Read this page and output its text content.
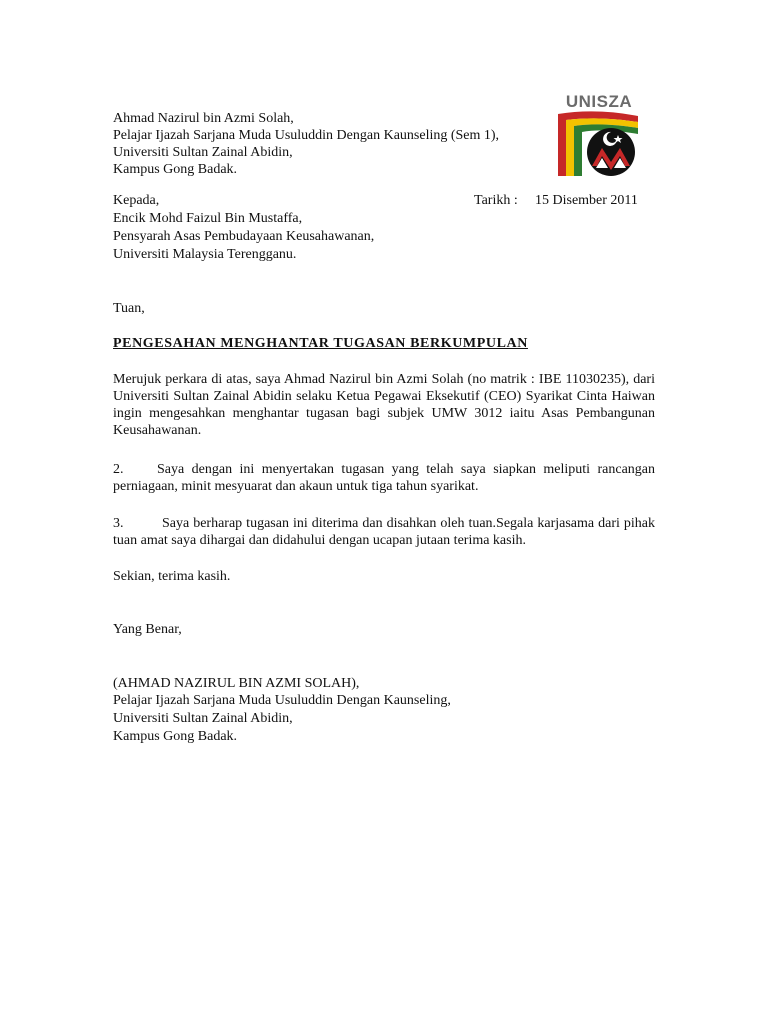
Ahmad Nazirul bin Azmi Solah,
Pelajar Ijazah Sarjana Muda Usuluddin Dengan Kaunseling (Sem 1),
Universiti Sultan Zainal Abidin,
Kampus Gong Badak.
UNISZA
Kepada,	Tarikh : 15 Disember 2011
Encik Mohd Faizul Bin Mustaffa,
Pensyarah Asas Pembudayaan Keusahawanan,
Universiti Malaysia Terengganu.
Tuan,
PENGESAHAN MENGHANTAR TUGASAN BERKUMPULAN
Merujuk perkara di atas, saya Ahmad Nazirul bin Azmi Solah (no matrik : IBE 11030235), dari Universiti Sultan Zainal Abidin selaku Ketua Pegawai Eksekutif (CEO) Syarikat Cinta Haiwan ingin mengesahkan menghantar tugasan bagi subjek UMW 3012 iaitu Asas Pembangunan Keusahawanan.
2. Saya dengan ini menyertakan tugasan yang telah saya siapkan meliputi rancangan perniagaan, minit mesyuarat dan akaun untuk tiga tahun syarikat.
3.	Saya berharap tugasan ini diterima dan disahkan oleh tuan.Segala karjasama dari pihak tuan amat saya dihargai dan didahului dengan ucapan jutaan terima kasih.
Sekian, terima kasih.
Yang Benar,
(AHMAD NAZIRUL BIN AZMI SOLAH),
Pelajar Ijazah Sarjana Muda Usuluddin Dengan Kaunseling,
Universiti Sultan Zainal Abidin,
Kampus Gong Badak.
